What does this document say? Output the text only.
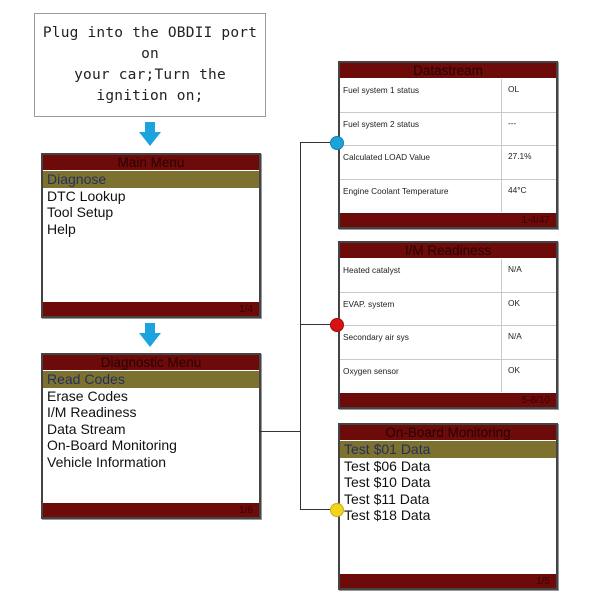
Plug into the OBDII port on
your car;Turn the ignition on;
Main Menu
Diagnose
DTC Lookup
Tool Setup
Help
1/4
Diagnostic Menu
Read Codes
Erase Codes
I/M Readiness
Data Stream
On-Board Monitoring
Vehicle Information
1/6
Datastream
Fuel system 1 status	OL
Fuel system 2 status	---
Calculated LOAD Value	27.1%
Engine Coolant Temperature	44°C
1-4/47
I/M Readiness
Heated catalyst	N/A
EVAP. system	OK
Secondary air sys	N/A
Oxygen sensor	OK
5-8/10
On-Board Monitoring
Test $01 Data
Test $06 Data
Test $10 Data
Test $11 Data
Test $18 Data
1/5
